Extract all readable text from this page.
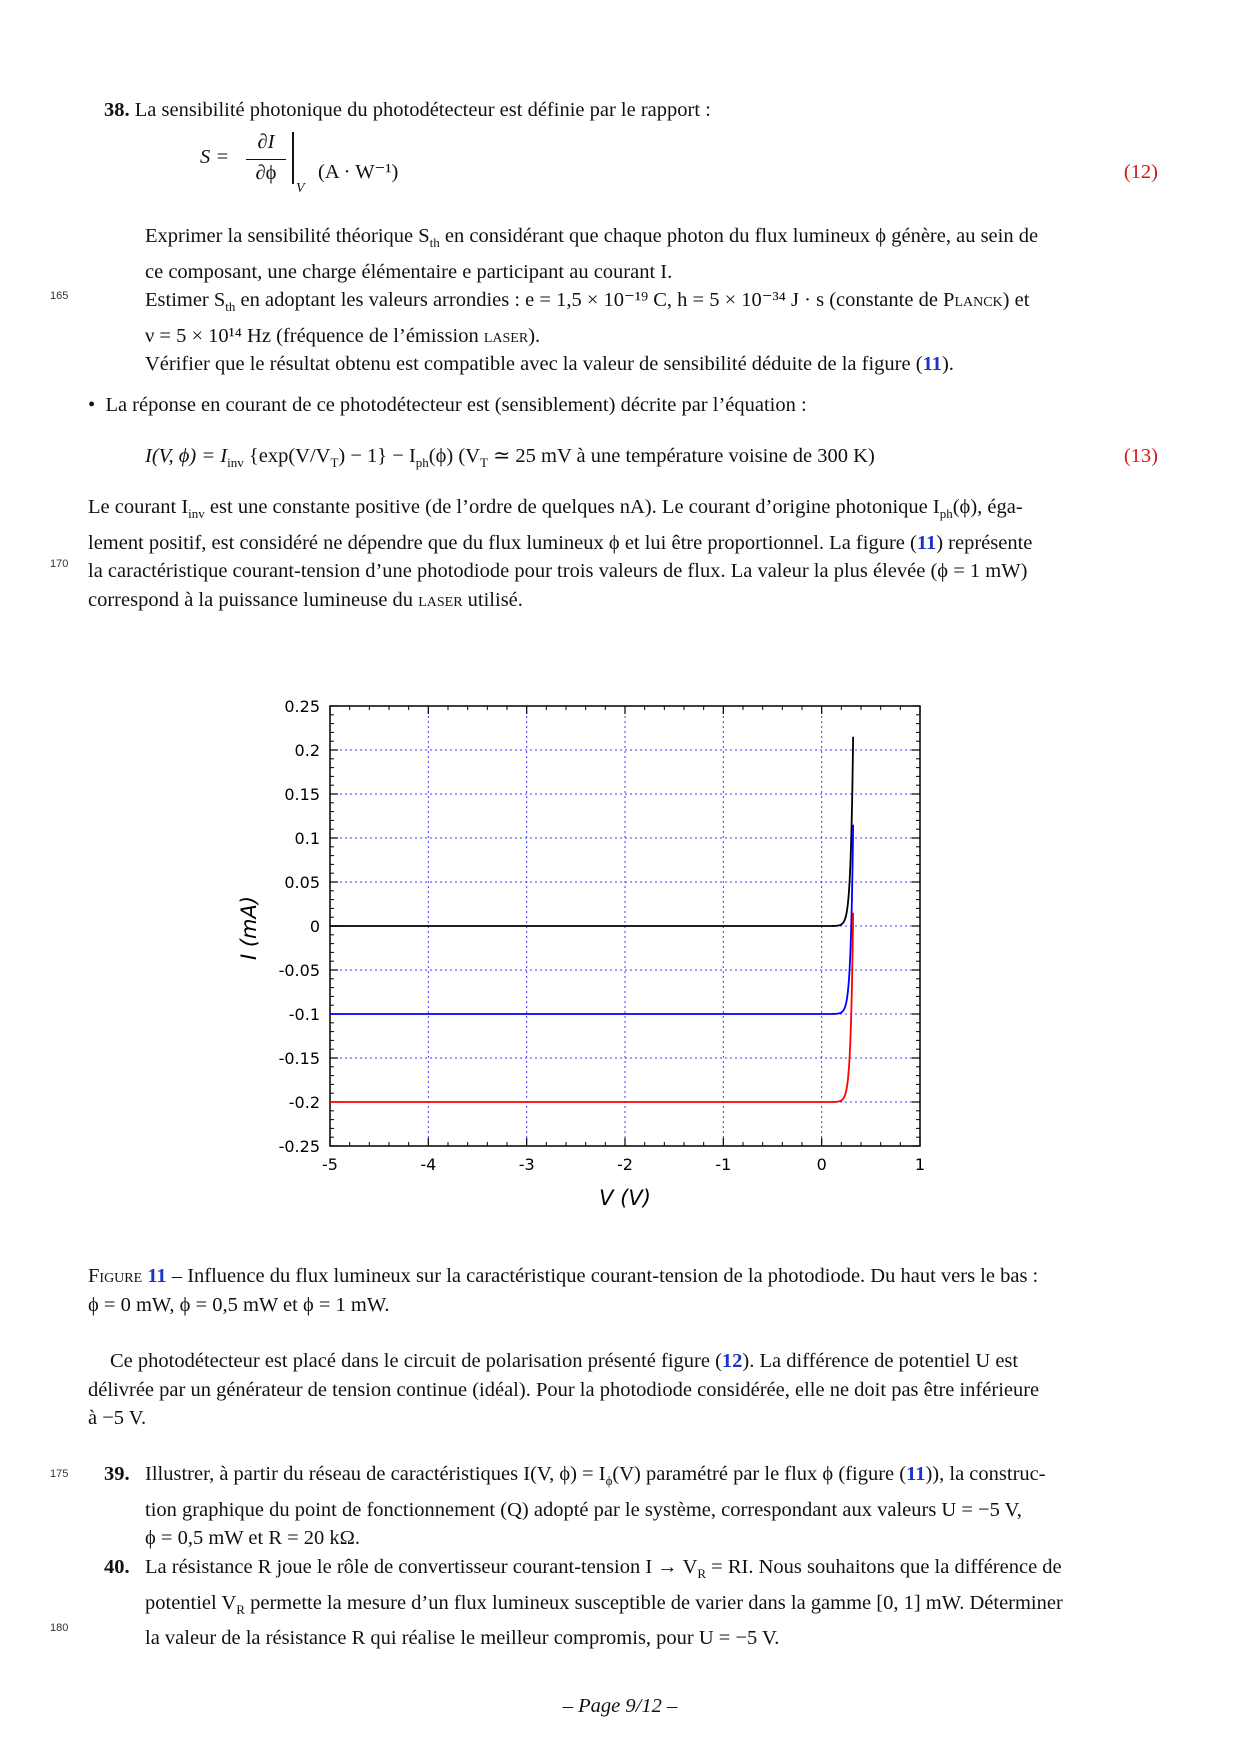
38. La sensibilité photonique du photodétecteur est définie par le rapport :
S =
∂I
∂ϕ
V
(A · W⁻¹)	(12)
Exprimer la sensibilité théorique $S_{th}$ en considérant que chaque photon du flux lumineux ϕ génère, au sein de
ce composant, une charge élémentaire e participant au courant I.
Estimer $S_{th}$ en adoptant les valeurs arrondies : e = 1,5 × 10⁻¹⁹ C, h = 5 × 10⁻³⁴ J · s (constante de Planck) et
ν = 5 × 10¹⁴ Hz (fréquence de l’émission laser).
Vérifier que le résultat obtenu est compatible avec la valeur de sensibilité déduite de la figure (11).
165
• La réponse en courant de ce photodétecteur est (sensiblement) décrite par l’équation :
I(V, $\phi) = I_{inv}$ $\{\exp(V/V_T) - 1\} - I_{ph}(\phi)$ ($V_T$ ≃ 25 mV à une température voisine de 300 K)	(13)
Le courant $I_{inv}$ est une constante positive (de l’ordre de quelques nA). Le courant d’origine photonique $I_{ph}(\phi)$, éga-
lement positif, est considéré ne dépendre que du flux lumineux ϕ et lui être proportionnel. La figure (11) représente
la caractéristique courant-tension d’une photodiode pour trois valeurs de flux. La valeur la plus élevée (ϕ = 1 mW)
correspond à la puissance lumineuse du laser utilisé.
170
-5	-4	-3	-2	-1	0	1
0.25
0.2
0.15
0.1
0.05
0
-0.05
-0.1
-0.15
-0.2
-0.25
V (V)
I (mA)
Figure 11 – Influence du flux lumineux sur la caractéristique courant-tension de la photodiode. Du haut vers le bas :
ϕ = 0 mW, ϕ = 0,5 mW et ϕ = 1 mW.
Ce photodétecteur est placé dans le circuit de polarisation présenté figure (12). La différence de potentiel U est
délivrée par un générateur de tension continue (idéal). Pour la photodiode considérée, elle ne doit pas être inférieure
à −5 V.
175 39. Illustrer, à partir du réseau de caractéristiques I(V, $\phi) = I_\phi(V)$ paramétré par le flux ϕ (figure (11)), la construc-
tion graphique du point de fonctionnement (Q) adopté par le système, correspondant aux valeurs U = −5 V,
ϕ = 0,5 mW et R = 20 kΩ.
40. La résistance R joue le rôle de convertisseur courant-tension $I \to V_R$ = RI. Nous souhaitons que la différence de
potentiel $V_R$ permette la mesure d’un flux lumineux susceptible de varier dans la gamme [0, 1] mW. Déterminer
la valeur de la résistance R qui réalise le meilleur compromis, pour U = −5 V.
180
– Page 9/12 –
